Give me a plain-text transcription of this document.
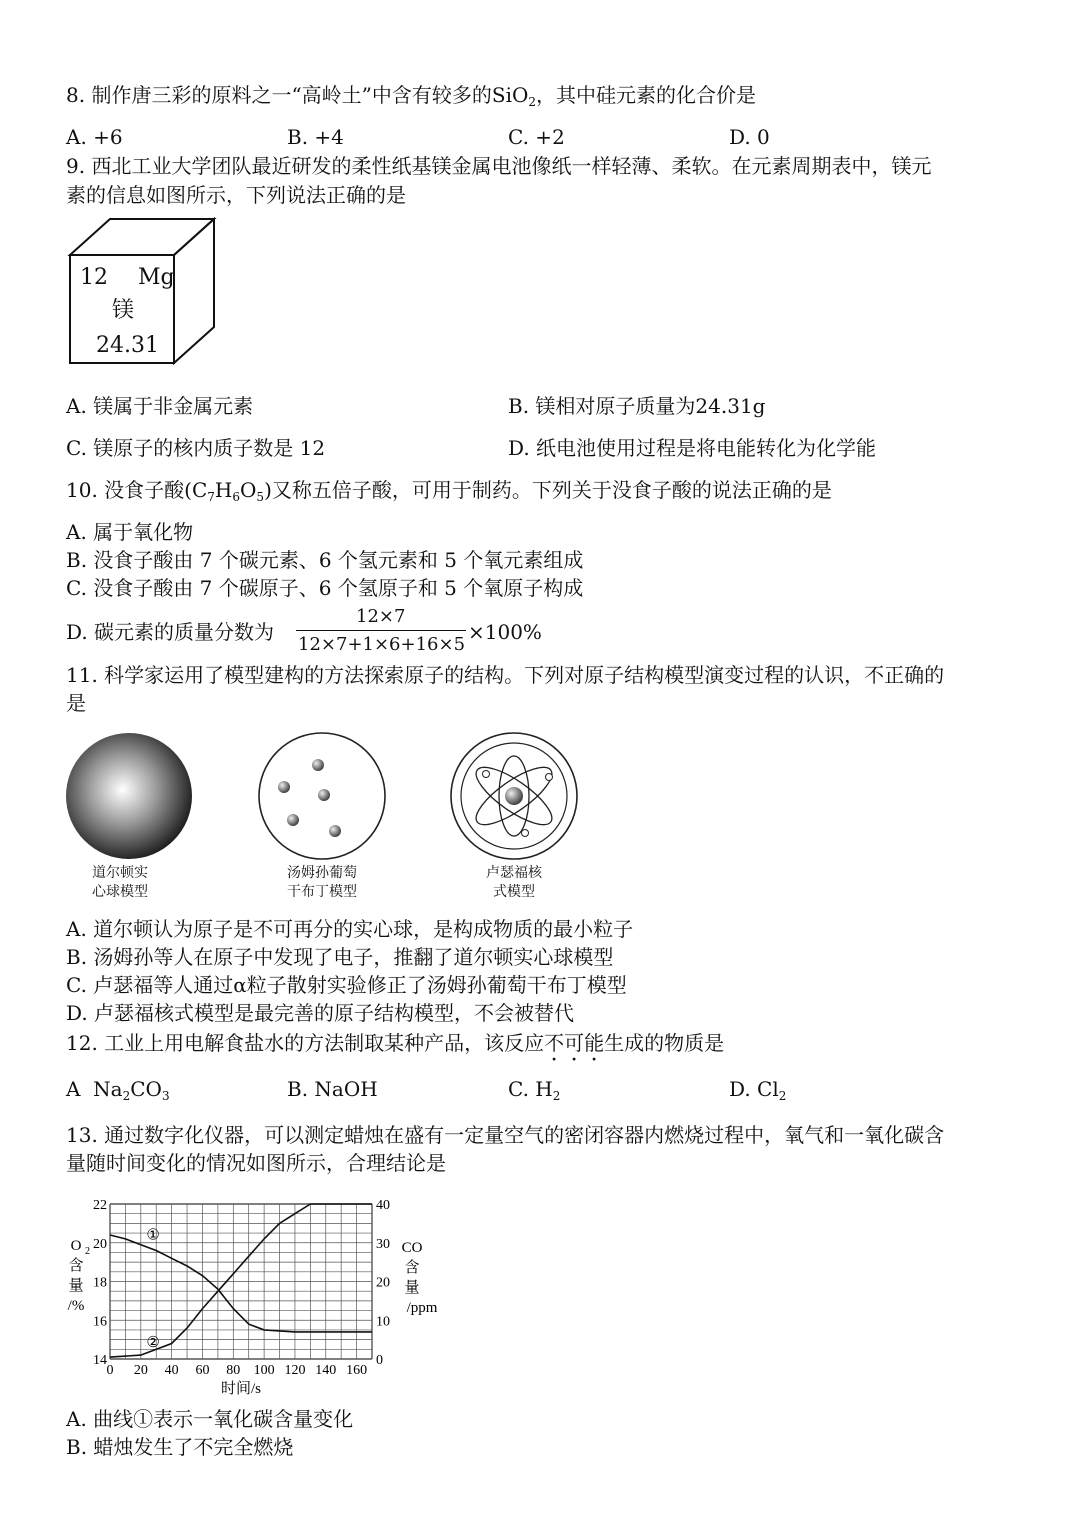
8. 制作唐三彩的原料之一“高岭土”中含有较多的SiO$_2$，其中硅元素的化合价是
A. +6	B. +4	C. +2	D. 0
9. 西北工业大学团队最近研发的柔性纸基镁金属电池像纸一样轻薄、柔软。在元素周期表中，镁元
素的信息如图所示，下列说法正确的是
12 Mg
镁
24.31
A. 镁属于非金属元素	B. 镁相对原子质量为24.31g
C. 镁原子的核内质子数是 12	D. 纸电池使用过程是将电能转化为化学能
10. 没食子酸$(C_7H_6O_5)$又称五倍子酸，可用于制药。下列关于没食子酸的说法正确的是
A. 属于氧化物
B. 没食子酸由 7 个碳元素、6 个氢元素和 5 个氧元素组成
C. 没食子酸由 7 个碳原子、6 个氢原子和 5 个氧原子构成
D. 碳元素的质量分数为
12×7
12×7+1×6+16×5
×100%
11. 科学家运用了模型建构的方法探索原子的结构。下列对原子结构模型演变过程的认识，不正确的
是
道尔顿实
心球模型
汤姆孙葡萄
干布丁模型
卢瑟福核
式模型
A. 道尔顿认为原子是不可再分的实心球，是构成物质的最小粒子
B. 汤姆孙等人在原子中发现了电子，推翻了道尔顿实心球模型
C. 卢瑟福等人通过α粒子散射实验修正了汤姆孙葡萄干布丁模型
D. 卢瑟福核式模型是最完善的原子结构模型，不会被替代
12. 工业上用电解食盐水的方法制取某种产品，该反应不可能生成的物质是
A $Na_2CO_3$	B. NaOH	C. $H_2$	D. $Cl_2$
13. 通过数字化仪器，可以测定蜡烛在盛有一定量空气的密闭容器内燃烧过程中，氧气和一氧化碳含
量随时间变化的情况如图所示，合理结论是
0 20 40 60 80 100 120 140 160
14
16
18
20
22
0
10
20
30
40
①
②
时间/s
O 2
含
量
/%
CO
含
量
/ppm
A. 曲线①表示一氧化碳含量变化
B. 蜡烛发生了不完全燃烧
